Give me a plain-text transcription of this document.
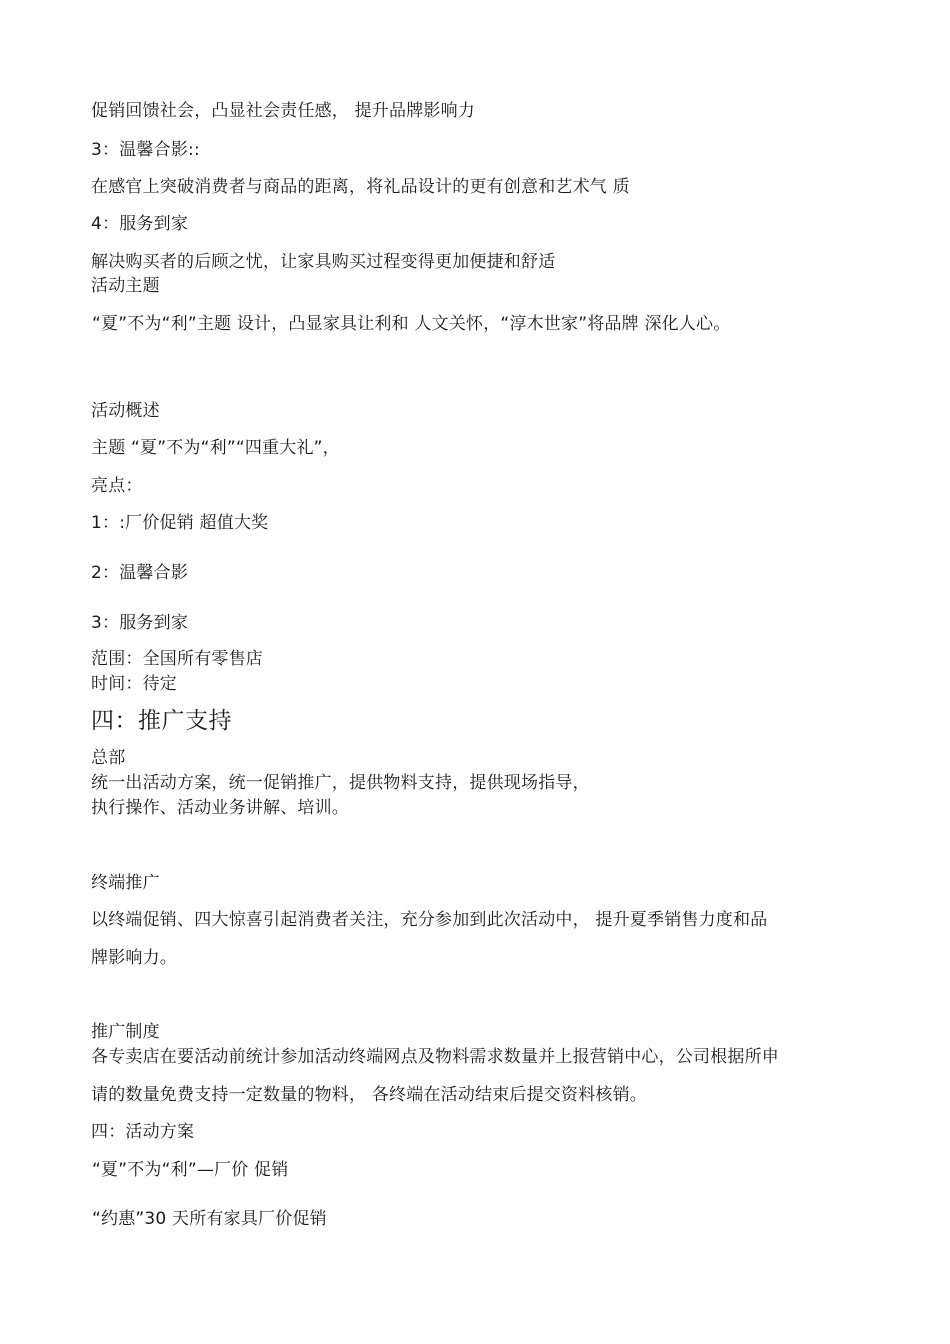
促销回馈社会，凸显社会责任感， 提升品牌影响力
3：温馨合影::
在感官上突破消费者与商品的距离，将礼品设计的更有创意和艺术气 质
4：服务到家
解决购买者的后顾之忧，让家具购买过程变得更加便捷和舒适
活动主题
“夏”不为“利”主题 设计，凸显家具让利和 人文关怀，“淳木世家”将品牌 深化人心。
活动概述
主题 “夏”不为“利”“四重大礼”，
亮点：
1：:厂价促销 超值大奖
2：温馨合影
3：服务到家
范围：全国所有零售店
时间：待定
四：推广支持
总部
统一出活动方案，统一促销推广，提供物料支持，提供现场指导，
执行操作、活动业务讲解、培训。
终端推广
以终端促销、四大惊喜引起消费者关注，充分参加到此次活动中， 提升夏季销售力度和品
牌影响力。
推广制度
各专卖店在要活动前统计参加活动终端网点及物料需求数量并上报营销中心，公司根据所申
请的数量免费支持一定数量的物料， 各终端在活动结束后提交资料核销。
四：活动方案
“夏”不为“利”—厂价 促销
“约惠”30 天所有家具厂价促销
